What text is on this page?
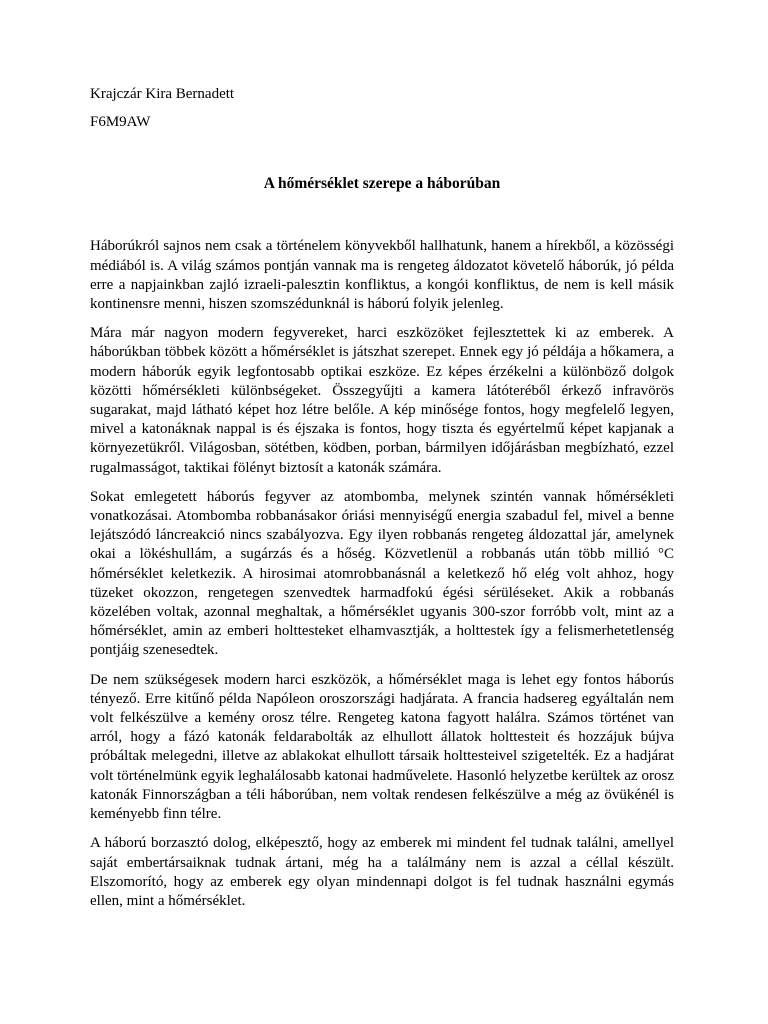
Krajczár Kira Bernadett

F6M9AW

A hőmérséklet szerepe a háborúban

Háborúkról sajnos nem csak a történelem könyvekből hallhatunk, hanem a hírekből, a közösségi médiából is. A világ számos pontján vannak ma is rengeteg áldozatot követelő háborúk, jó példa erre a napjainkban zajló izraeli-palesztin konfliktus, a kongói konfliktus, de nem is kell másik kontinensre menni, hiszen szomszédunknál is háború folyik jelenleg.

Mára már nagyon modern fegyvereket, harci eszközöket fejlesztettek ki az emberek. A háborúkban többek között a hőmérséklet is játszhat szerepet. Ennek egy jó példája a hőkamera, a modern háborúk egyik legfontosabb optikai eszköze. Ez képes érzékelni a különböző dolgok közötti hőmérsékleti különbségeket. Összegyűjti a kamera látóteréből érkező infravörös sugarakat, majd látható képet hoz létre belőle. A kép minősége fontos, hogy megfelelő legyen, mivel a katonáknak nappal is és éjszaka is fontos, hogy tiszta és egyértelmű képet kapjanak a környezetükről. Világosban, sötétben, ködben, porban, bármilyen időjárásban megbízható, ezzel rugalmasságot, taktikai fölényt biztosít a katonák számára.

Sokat emlegetett háborús fegyver az atombomba, melynek szintén vannak hőmérsékleti vonatkozásai. Atombomba robbanásakor óriási mennyiségű energia szabadul fel, mivel a benne lejátszódó láncreakció nincs szabályozva. Egy ilyen robbanás rengeteg áldozattal jár, amelynek okai a lökéshullám, a sugárzás és a hőség. Közvetlenül a robbanás után több millió °C hőmérséklet keletkezik. A hirosimai atomrobbanásnál a keletkező hő elég volt ahhoz, hogy tüzeket okozzon, rengetegen szenvedtek harmadfokú égési sérüléseket. Akik a robbanás közelében voltak, azonnal meghaltak, a hőmérséklet ugyanis 300-szor forróbb volt, mint az a hőmérséklet, amin az emberi holttesteket elhamvasztják, a holttestek így a felismerhetetlenség pontjáig szenesedtek.

De nem szükségesek modern harci eszközök, a hőmérséklet maga is lehet egy fontos háborús tényező. Erre kitűnő példa Napóleon oroszországi hadjárata. A francia hadsereg egyáltalán nem volt felkészülve a kemény orosz télre. Rengeteg katona fagyott halálra. Számos történet van arról, hogy a fázó katonák feldarabolták az elhullott állatok holttesteit és hozzájuk bújva próbáltak melegedni, illetve az ablakokat elhullott társaik holttesteivel szigetelték. Ez a hadjárat volt történelmünk egyik leghalálosabb katonai hadművelete. Hasonló helyzetbe kerültek az orosz katonák Finnországban a téli háborúban, nem voltak rendesen felkészülve a még az övükénél is keményebb finn télre.

A háború borzasztó dolog, elképesztő, hogy az emberek mi mindent fel tudnak találni, amellyel saját embertársaiknak tudnak ártani, még ha a találmány nem is azzal a céllal készült. Elszomorító, hogy az emberek egy olyan mindennapi dolgot is fel tudnak használni egymás ellen, mint a hőmérséklet.
